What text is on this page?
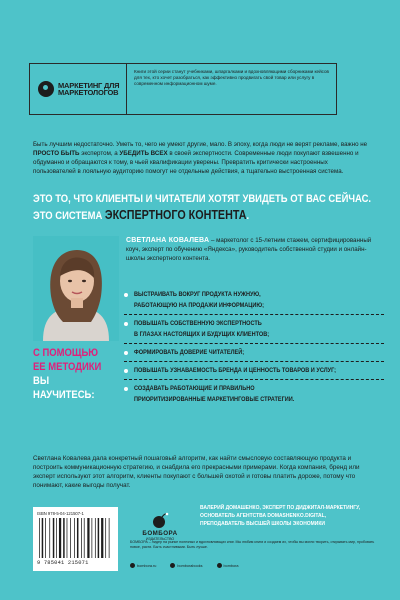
МАРКЕТИНГ ДЛЯ
МАРКЕТОЛОГОВ
Книги этой серии станут учебниками, шпаргалками и вдохновляющими сборниками кейсов для тех, кто хочет разобраться, как эффективно продвигать свой товар или услугу в современном информационном шуме.
Быть лучшим недостаточно. Уметь то, чего не умеют другие, мало. В эпоху, когда люди не верят рекламе, важно не ПРОСТО БЫТЬ экспертом, а УБЕДИТЬ ВСЕХ в своей экспертности. Современные люди покупают взвешенно и обдуманно и обращаются к тому, в чьей квалификации уверены. Превратить критически настроенных пользователей в лояльную аудиторию помогут не отдельные действия, а тщательно выстроенная система.
ЭТО ТО, ЧТО КЛИЕНТЫ И ЧИТАТЕЛИ ХОТЯТ УВИДЕТЬ ОТ ВАС СЕЙЧАС.
ЭТО СИСТЕМА ЭКСПЕРТНОГО КОНТЕНТА.
СВЕТЛАНА КОВАЛЕВА – маркетолог с 15-летним стажем, сертифицированный коуч, эксперт по обучению «Яндекса», руководитель собственной студии и онлайн-школы экспертного контента.
ВЫСТРАИВАТЬ ВОКРУГ ПРОДУКТА НУЖНУЮ,
РАБОТАЮЩУЮ НА ПРОДАЖИ ИНФОРМАЦИЮ;
ПОВЫШАТЬ СОБСТВЕННУЮ ЭКСПЕРТНОСТЬ
В ГЛАЗАХ НАСТОЯЩИХ И БУДУЩИХ КЛИЕНТОВ;
ФОРМИРОВАТЬ ДОВЕРИЕ ЧИТАТЕЛЕЙ;
ПОВЫШАТЬ УЗНАВАЕМОСТЬ БРЕНДА И ЦЕННОСТЬ ТОВАРОВ И УСЛУГ;
СОЗДАВАТЬ РАБОТАЮЩИЕ И ПРАВИЛЬНО
ПРИОРИТИЗИРОВАННЫЕ МАРКЕТИНГОВЫЕ СТРАТЕГИИ.
С ПОМОЩЬЮ
ЕЕ МЕТОДИКИ
ВЫ НАУЧИТЕСЬ:
Светлана Ковалева дала конкретный пошаговый алгоритм, как найти смысловую составляющую продукта и построить коммуникационную стратегию, и снабдила его прекрасными примерами. Когда компания, бренд или эксперт используют этот алгоритм, клиенты покупают с большей охотой и готовы платить дороже, потому что понимают, какие выгоды получат.
ISBN 978-5-04-121507-1
9 785041 215071
БОМБОРА
ИЗДАТЕЛЬСТВО
ВАЛЕРИЙ ДОМАШЕНКО, ЭКСПЕРТ ПО ДИДЖИТАЛ-МАРКЕТИНГУ,
ОСНОВАТЕЛЬ АГЕНТСТВА DOMASHENKO.DIGITAL,
ПРЕПОДАВАТЕЛЬ ВЫСШЕЙ ШКОЛЫ ЭКОНОМИКИ
БОМБОРА – лидер на рынке полезных и вдохновляющих книг. Мы любим книги и создаем их, чтобы вы могли творить, открывать мир, пробовать новое, расти. Быть счастливыми. Быть лучше.
bombora.ru	bomborabooks	bombora
